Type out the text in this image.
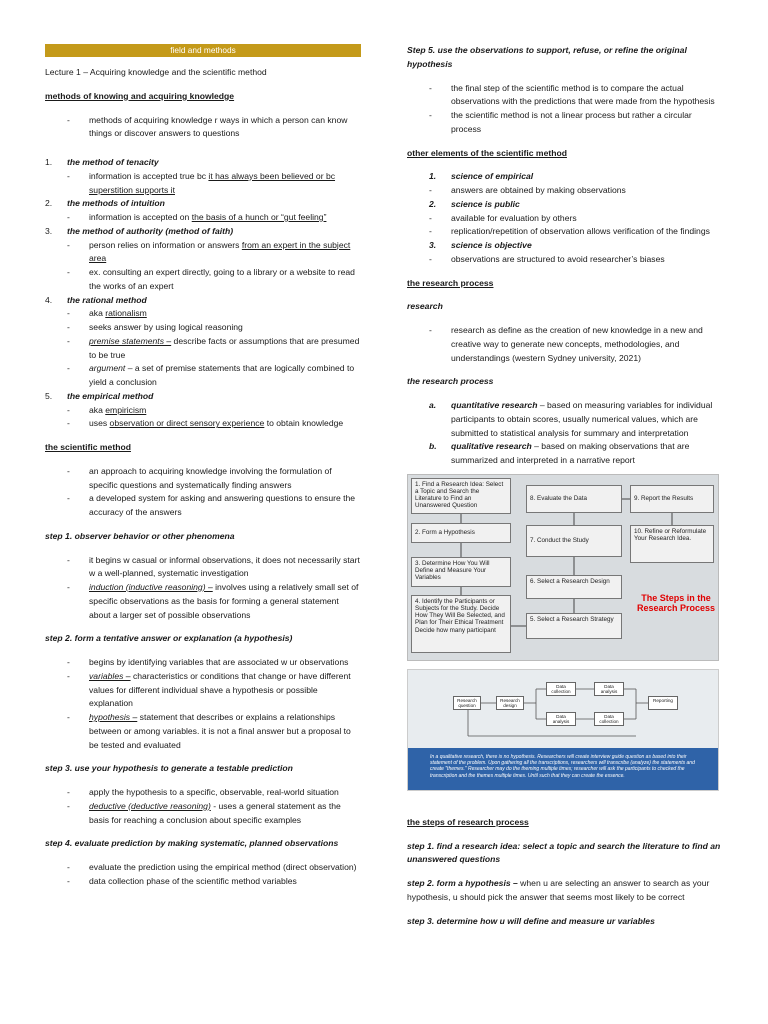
field and methods

Lecture 1 – Acquiring knowledge and the scientific method

methods of knowing and acquiring knowledge

- methods of acquiring knowledge r ways in which a person can know things or discover answers to questions

1. the method of tenacity

- information is accepted true bc it has always been believed or bc superstition supports it

2. the methods of intuition

- information is accepted on the basis of a hunch or “gut feeling”

3. the method of authority (method of faith)

- person relies on information or answers from an expert in the subject area

- ex. consulting an expert directly, going to a library or a website to read the works of an expert

4. the rational method

- aka rationalism

- seeks answer by using logical reasoning

- premise statements – describe facts or assumptions that are presumed to be true

- argument – a set of premise statements that are logically combined to yield a conclusion

5. the empirical method

- aka empiricism

- uses observation or direct sensory experience to obtain knowledge

the scientific method

- an approach to acquiring knowledge involving the formulation of specific questions and systematically finding answers

- a developed system for asking and answering questions to ensure the accuracy of the answers

step 1. observer behavior or other phenomena

- it begins w casual or informal observations, it does not necessarily start w a well-planned, systematic investigation

- induction (inductive reasoning) – involves using a relatively small set of specific observations as the basis for forming a general statement about a larger set of possible observations

step 2. form a tentative answer or explanation (a hypothesis)

- begins by identifying variables that are associated w ur observations

- variables – characteristics or conditions that change or have different values for different individual shave a hypothesis or possible explanation

- hypothesis – statement that describes or explains a relationships between or among variables. it is not a final answer but a proposal to be tested and evaluated

step 3. use your hypothesis to generate a testable prediction

- apply the hypothesis to a specific, observable, real-world situation

- deductive (deductive reasoning) - uses a general statement as the basis for reaching a conclusion about specific examples

step 4. evaluate prediction by making systematic, planned observations

- evaluate the prediction using the empirical method (direct observation)

- data collection phase of the scientific method variables

Step 5. use the observations to support, refuse, or refine the original hypothesis

- the final step of the scientific method is to compare the actual observations with the predictions that were made from the hypothesis

- the scientific method is not a linear process but rather a circular process

other elements of the scientific method

1. science of empirical

- answers are obtained by making observations

2. science is public

- available for evaluation by others

- replication/repetition of observation allows verification of the findings

3. science is objective

- observations are structured to avoid researcher’s biases

the research process

research

- research as define as the creation of new knowledge in a new and creative way to generate new concepts, methodologies, and understandings (western Sydney university, 2021)

the research process

a. quantitative research – based on measuring variables for individual participants to obtain scores, usually numerical values, which are submitted to statistical analysis for summary and interpretation

b. qualitative research – based on making observations that are summarized and interpreted in a narrative report

1. Find a Research Idea: Select a Topic and Search the Literature to Find an Unanswered Question
2. Form a Hypothesis
3. Determine How You Will Define and Measure Your Variables
4. Identify the Participants or Subjects for the Study. Decide How They Will Be Selected, and Plan for Their Ethical Treatment Decide how many participant
5. Select a Research Strategy
6. Select a Research Design
7. Conduct the Study
8. Evaluate the Data	9. Report the Results
10. Refine or Reformulate Your Research Idea.
The Steps in the Research Process
Research question
Research design
Data collection
Data analysis
Data analysis
Data collection
Reporting
In a qualitative research, there is no hypothesis. Researchers will create interview guide question as based into their statement of the problem. Upon gathering all the transcriptions, researchers will transcribe (analyze) the statements and create "themes." Researcher may do the theming multiple times; researcher will ask the participants to checked the transcription and the themes multiple times. Until such that they can create the essence.

the steps of research process

step 1. find a research idea: select a topic and search the literature to find an unanswered questions

step 2. form a hypothesis – when u are selecting an answer to search as your hypothesis, u should pick the answer that seems most likely to be correct

step 3. determine how u will define and measure ur variables
